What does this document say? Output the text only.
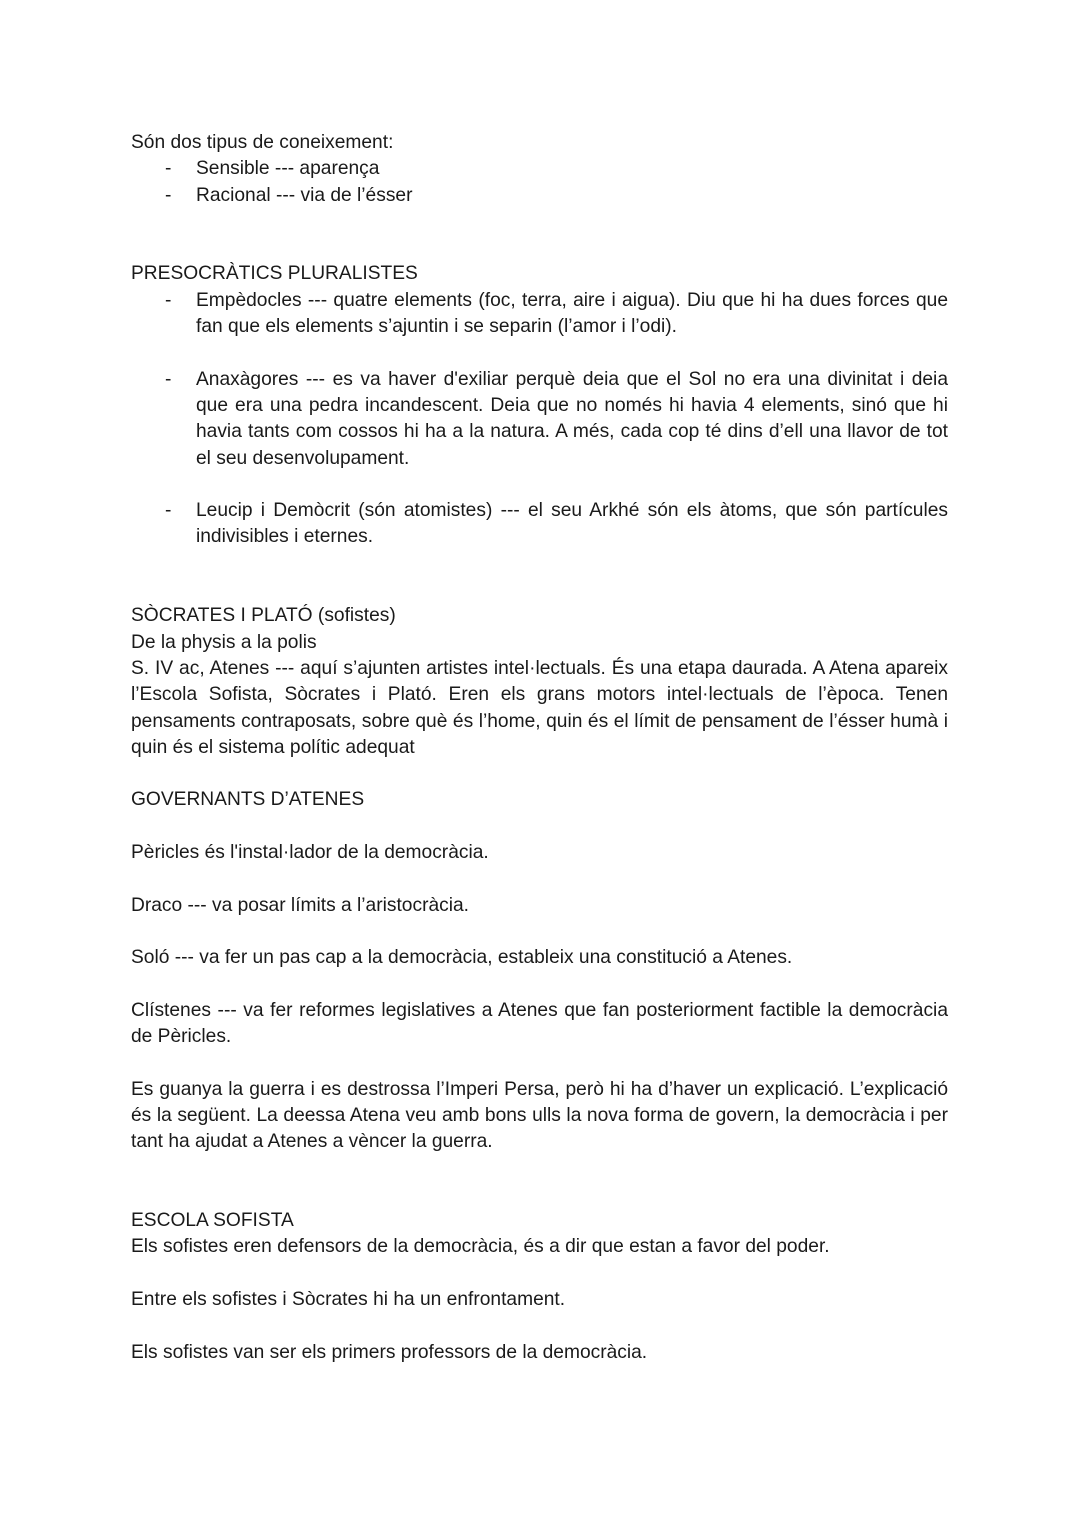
Són dos tipus de coneixement:

- Sensible --- aparença
- Racional --- via de l’ésser

PRESOCRÀTICS PLURALISTES

- Empèdocles --- quatre elements (foc, terra, aire i aigua). Diu que hi ha dues forces que fan que els elements s’ajuntin i se separin (l’amor i l’odi).
- Anaxàgores --- es va haver d'exiliar perquè deia que el Sol no era una divinitat i deia que era una pedra incandescent. Deia que no només hi havia 4 elements, sinó que hi havia tants com cossos hi ha a la natura. A més, cada cop té dins d’ell una llavor de tot el seu desenvolupament.
- Leucip i Demòcrit (són atomistes) --- el seu Arkhé són els àtoms, que són partícules indivisibles i eternes.

SÒCRATES I PLATÓ (sofistes)

De la physis a la polis

S. IV ac, Atenes --- aquí s’ajunten artistes intel·lectuals. És una etapa daurada. A Atena apareix l’Escola Sofista, Sòcrates i Plató. Eren els grans motors intel·lectuals de l’època. Tenen pensaments contraposats, sobre què és l’home, quin és el límit de pensament de l’ésser humà i quin és el sistema polític adequat

GOVERNANTS D’ATENES

Pèricles és l'instal·lador de la democràcia.

Draco --- va posar límits a l’aristocràcia.

Soló --- va fer un pas cap a la democràcia, estableix una constitució a Atenes.

Clístenes --- va fer reformes legislatives a Atenes que fan posteriorment factible la democràcia de Pèricles.

Es guanya la guerra i es destrossa l’Imperi Persa, però hi ha d’haver un explicació. L’explicació és la següent. La deessa Atena veu amb bons ulls la nova forma de govern, la democràcia i per tant ha ajudat a Atenes a vèncer la guerra.

ESCOLA SOFISTA

Els sofistes eren defensors de la democràcia, és a dir que estan a favor del poder.

Entre els sofistes i Sòcrates hi ha un enfrontament.

Els sofistes van ser els primers professors de la democràcia.
